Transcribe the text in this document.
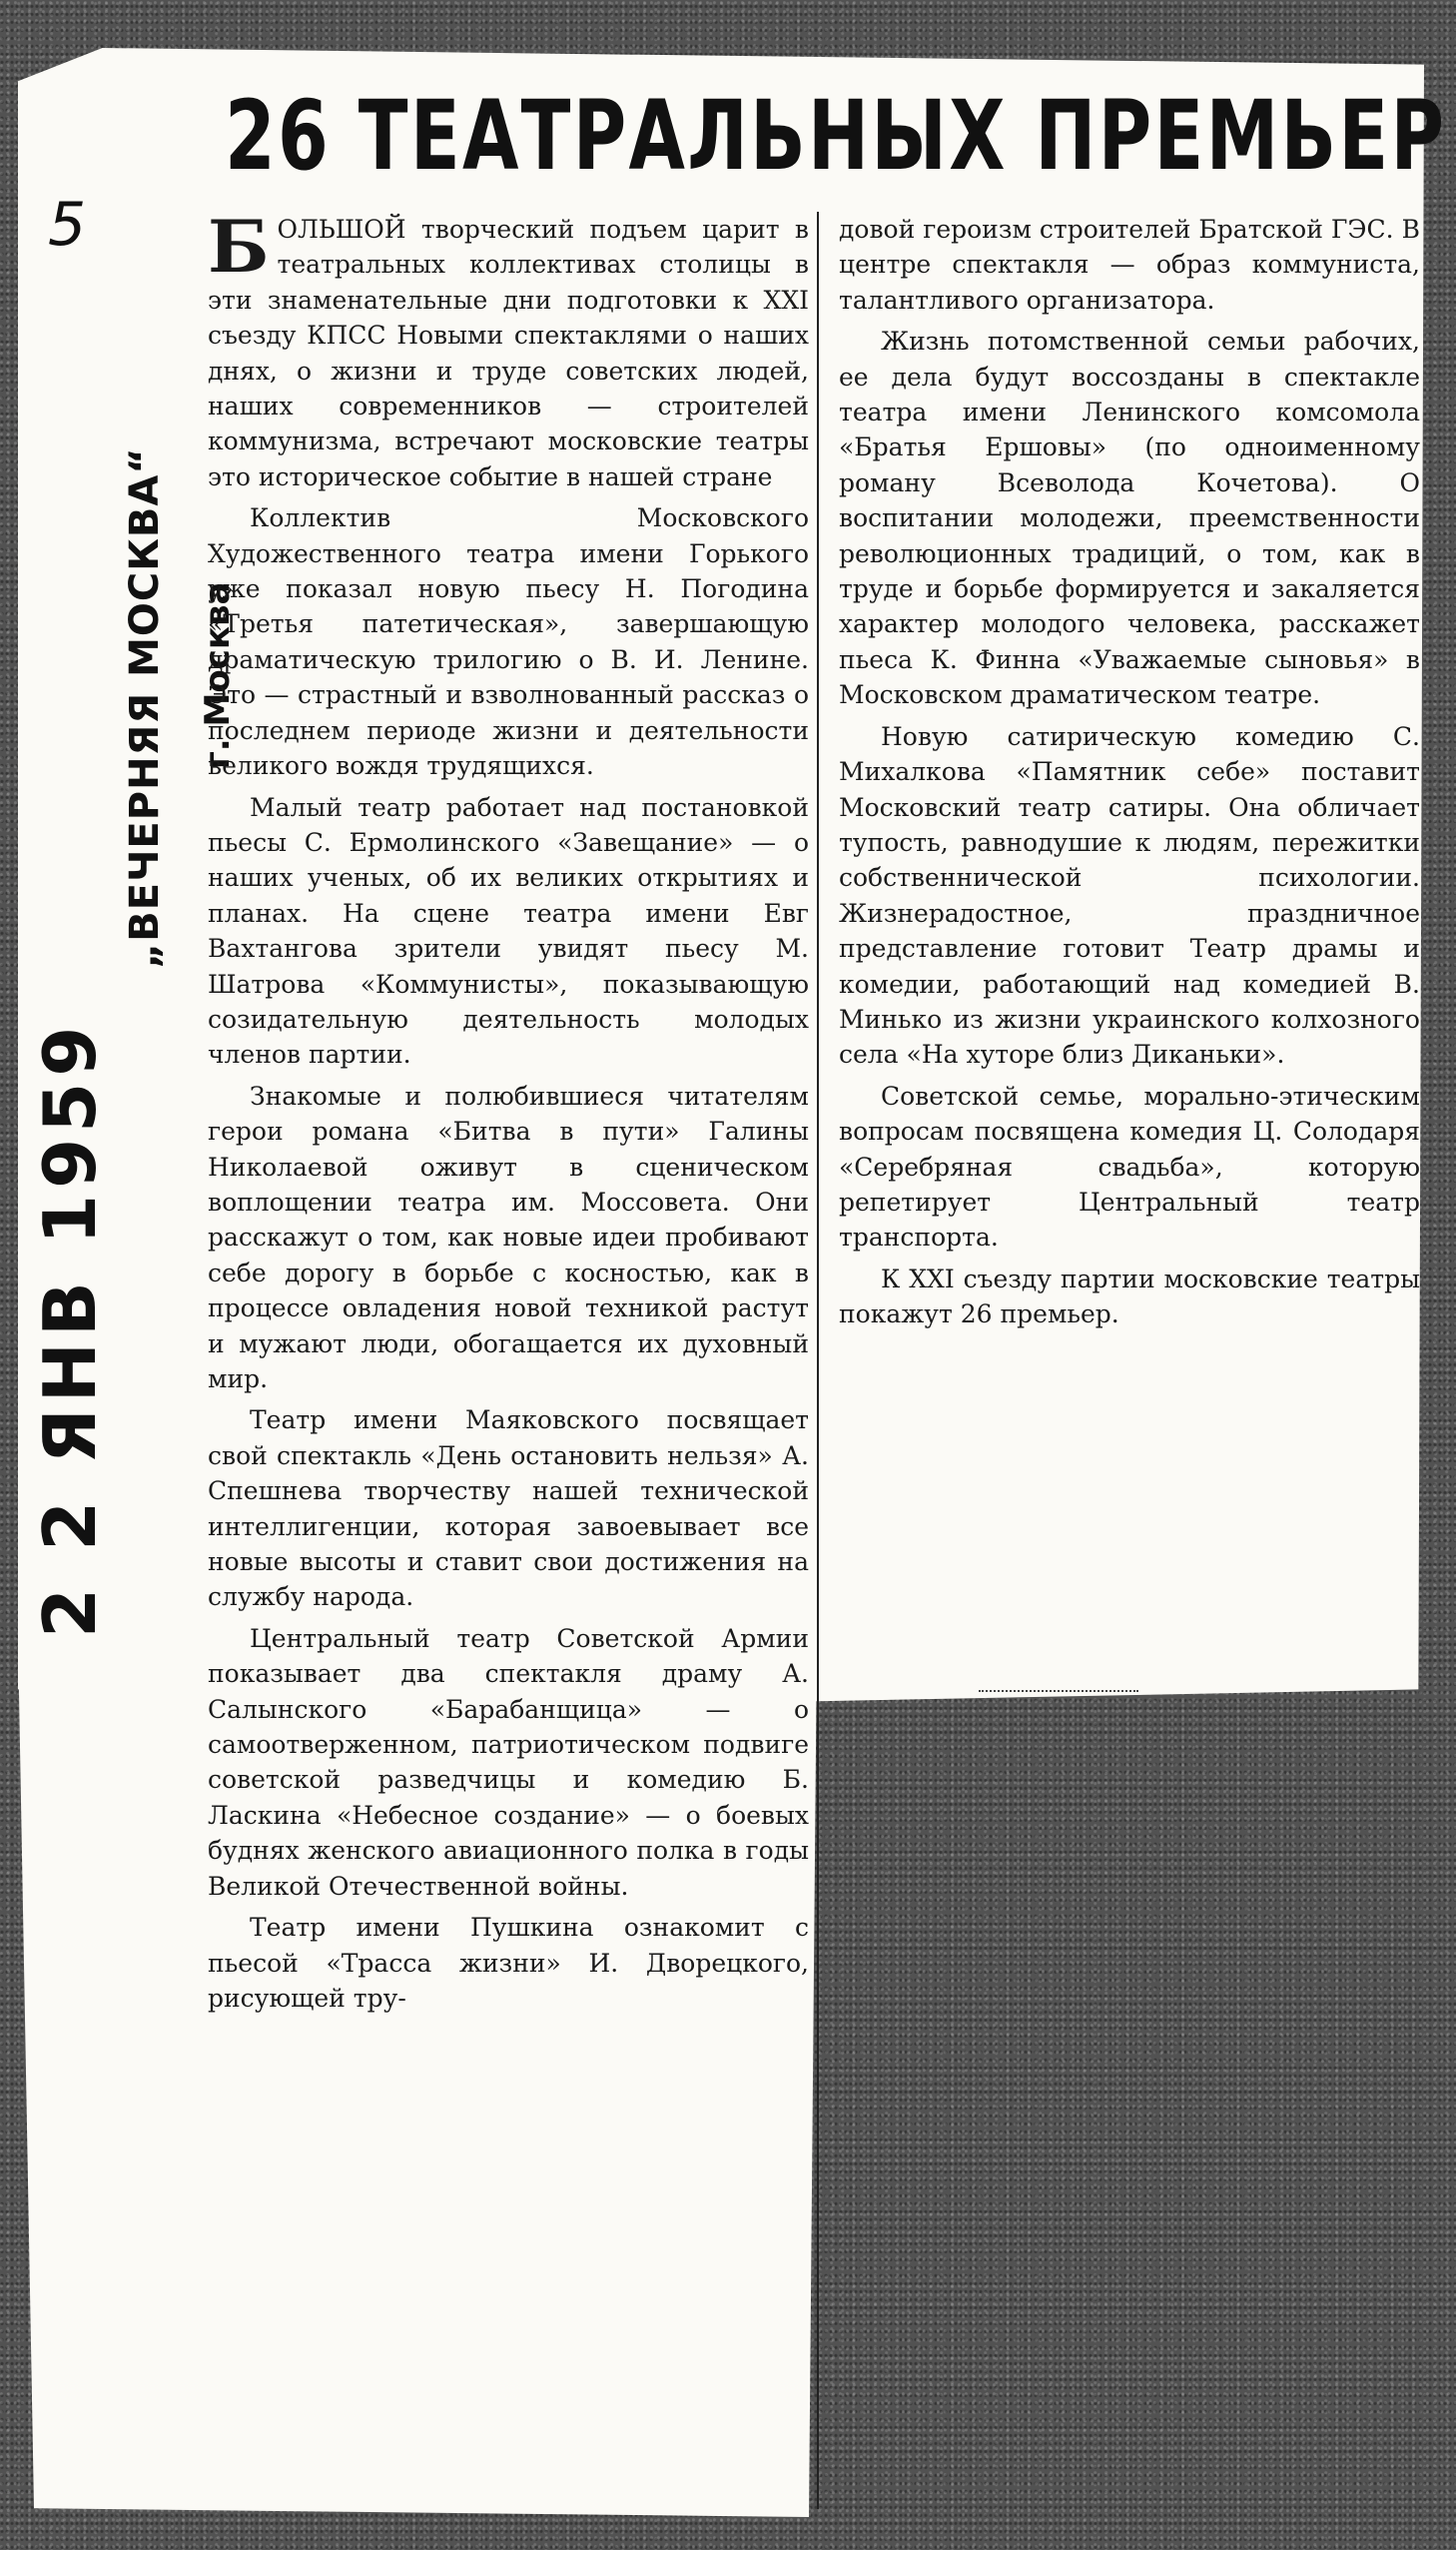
26 ТЕАТРАЛЬНЫХ ПРЕМЬЕР
5
2 2 ЯНВ 1959
„ВЕЧЕРНЯЯ МОСКВА“ г. Москва

БОЛЬШОЙ творческий подъем царит в театральных коллективах столицы в эти знаменательные дни подготовки к XXI съезду КПСС Новыми спектаклями о наших днях, о жизни и труде советских людей, наших современников — строителей коммунизма, встречают московские театры это историческое событие в нашей стране

Коллектив Московского Художественного театра имени Горького уже показал новую пьесу Н. Погодина «Третья патетическая», завершающую драматическую трилогию о В. И. Ленине. Это — страстный и взволнованный рассказ о последнем периоде жизни и деятельности великого вождя трудящихся.

Малый театр работает над постановкой пьесы С. Ермолинского «Завещание» — о наших ученых, об их великих открытиях и планах. На сцене театра имени Евг Вахтангова зрители увидят пьесу М. Шатрова «Коммунисты», показывающую созидательную деятельность молодых членов партии.

Знакомые и полюбившиеся читателям герои романа «Битва в пути» Галины Николаевой оживут в сценическом воплощении театра им. Моссовета. Они расскажут о том, как новые идеи пробивают себе дорогу в борьбе с косностью, как в процессе овладения новой техникой растут и мужают люди, обогащается их духовный мир.

Театр имени Маяковского посвящает свой спектакль «День остановить нельзя» А. Спешнева творчеству нашей технической интеллигенции, которая завоевывает все новые высоты и ставит свои достижения на службу народа.

Центральный театр Советской Армии показывает два спектакля драму А. Салынского «Барабанщица» — о самоотверженном, патриотическом подвиге советской разведчицы и комедию Б. Ласкина «Небесное создание» — о боевых буднях женского авиационного полка в годы Великой Отечественной войны.

Театр имени Пушкина ознакомит с пьесой «Трасса жизни» И. Дворецкого, рисующей тру-

довой героизм строителей Братской ГЭС. В центре спектакля — образ коммуниста, талантливого организатора.

Жизнь потомственной семьи рабочих, ее дела будут воссозданы в спектакле театра имени Ленинского комсомола «Братья Ершовы» (по одноименному роману Всеволода Кочетова). О воспитании молодежи, преемственности революционных традиций, о том, как в труде и борьбе формируется и закаляется характер молодого человека, расскажет пьеса К. Финна «Уважаемые сыновья» в Московском драматическом театре.

Новую сатирическую комедию С. Михалкова «Памятник себе» поставит Московский театр сатиры. Она обличает тупость, равнодушие к людям, пережитки собственнической психологии. Жизнерадостное, праздничное представление готовит Театр драмы и комедии, работающий над комедией В. Минько из жизни украинского колхозного села «На хуторе близ Диканьки».

Советской семье, морально-этическим вопросам посвящена комедия Ц. Солодаря «Серебряная свадьба», которую репетирует Центральный театр транспорта.

К XXI съезду партии московские театры покажут 26 премьер.
